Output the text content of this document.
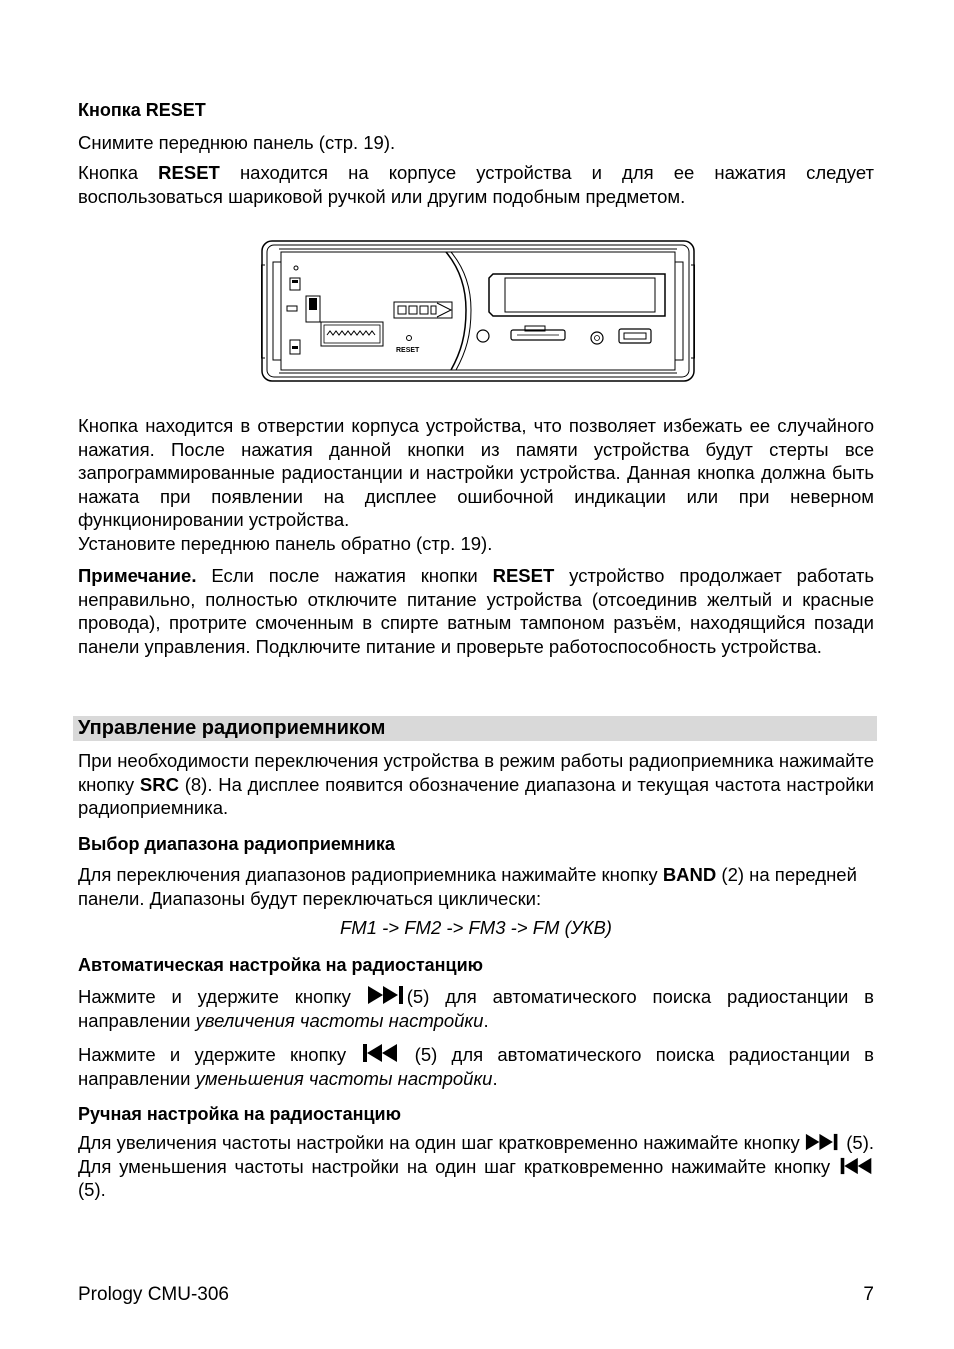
Кнопка RESET
Снимите переднюю панель (стр. 19).
Кнопка RESET находится на корпусе устройства и для ее нажатия следует воспользоваться шариковой ручкой или другим подобным предметом.
Кнопка находится в отверстии корпуса устройства, что позволяет избежать ее случайного нажатия. После нажатия данной кнопки из памяти устройства будут стерты все запрограммированные радиостанции и настройки устройства. Данная кнопка должна быть нажата при появлении на дисплее ошибочной индикации или при неверном функционировании устройства.
Установите переднюю панель обратно (стр. 19).
Примечание. Если после нажатия кнопки RESET устройство продолжает работать неправильно, полностью отключите питание устройства (отсоединив желтый и красные провода), протрите смоченным в спирте ватным тампоном разъём, находящийся позади панели управления. Подключите питание и проверьте работоспособность устройства.
Управление радиоприемником
При необходимости переключения устройства в режим работы радиоприемника нажимайте кнопку SRC (8). На дисплее появится обозначение диапазона и текущая частота настройки радиоприемника.
Выбор диапазона радиоприемника
Для переключения диапазонов радиоприемника нажимайте кнопку BAND (2) на передней панели. Диапазоны будут переключаться циклически:
FM1 -> FM2 -> FM3 -> FM (УКВ)
Автоматическая настройка на радиостанцию
Нажмите и удержите кнопку (5) для автоматического поиска радиостанции в направлении увеличения частоты настройки.
Нажмите и удержите кнопку  (5) для автоматического поиска радиостанции в направлении уменьшения частоты настройки.
Ручная настройка на радиостанцию
Для увеличения частоты настройки на один шаг кратковременно нажимайте кнопку  (5). Для уменьшения частоты настройки на один шаг кратковременно нажимайте кнопку  (5).
RESET
Prology CMU-306	7
